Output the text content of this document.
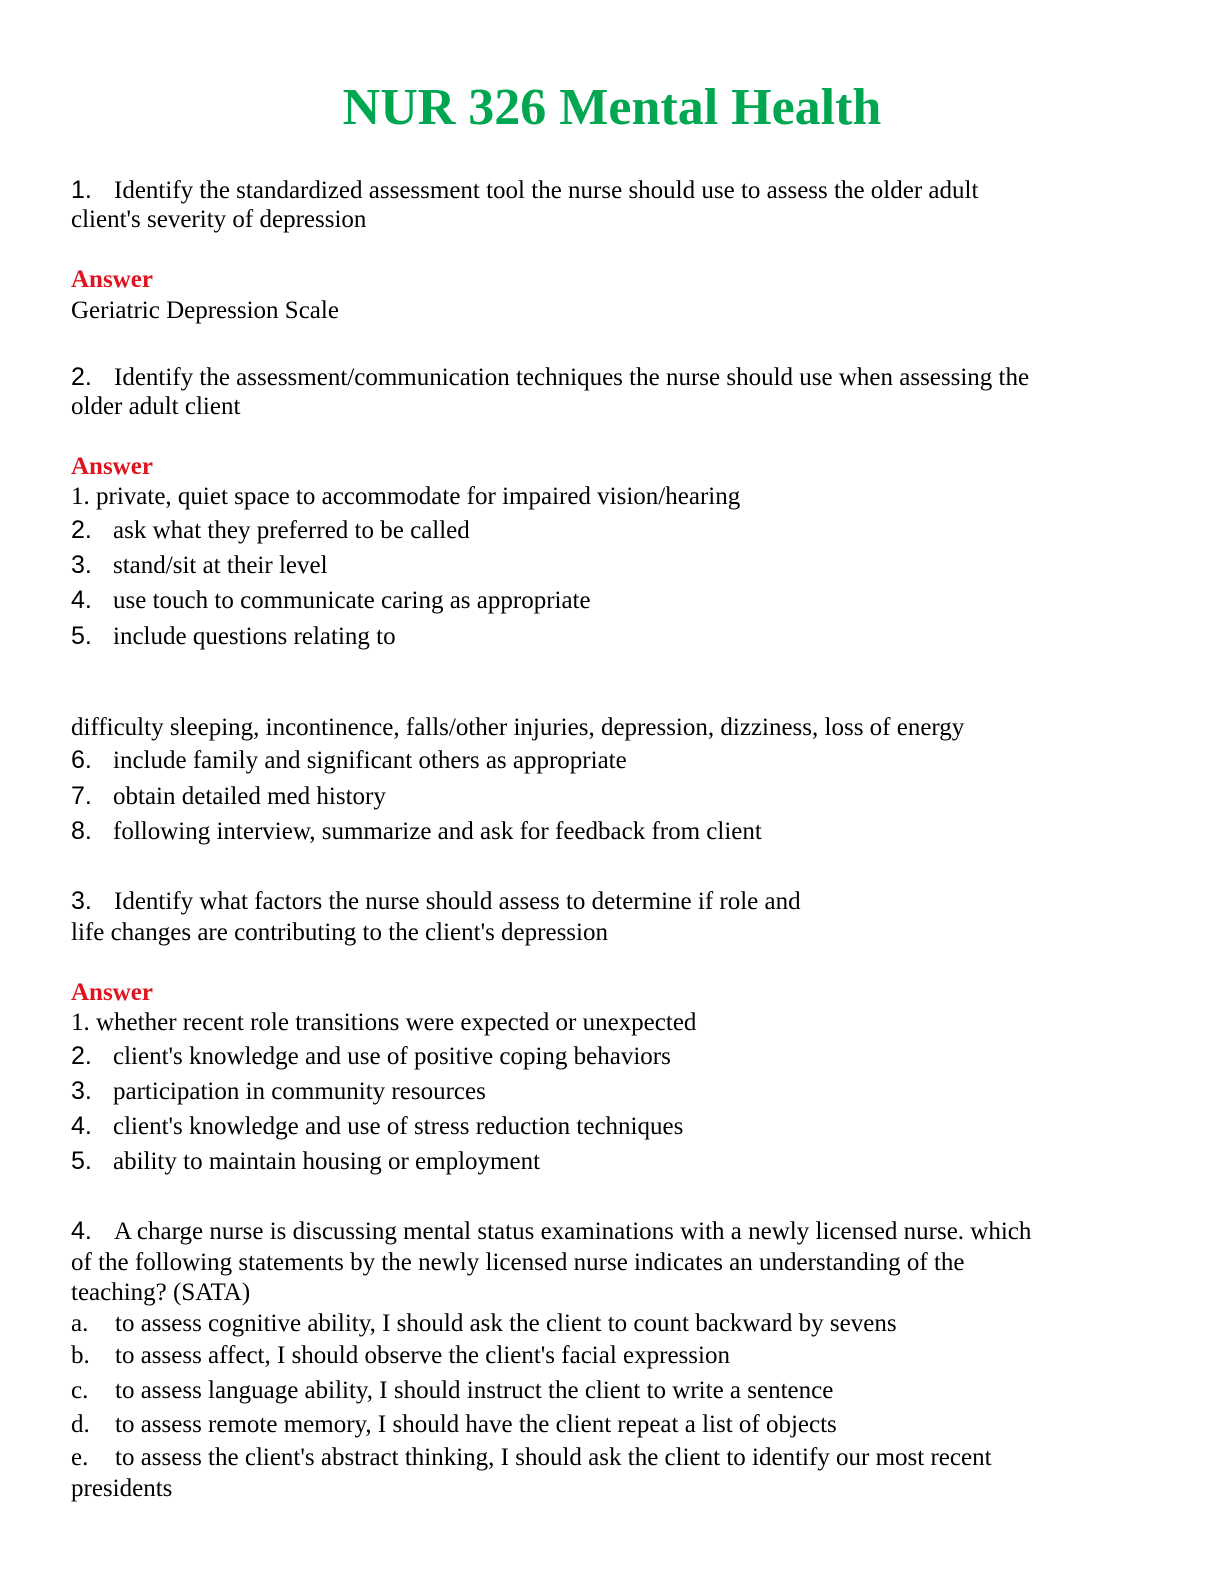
NUR 326 Mental Health
1. Identify the standardized assessment tool the nurse should use to assess the older adult
client's severity of depression
Answer
Geriatric Depression Scale
2. Identify the assessment/communication techniques the nurse should use when assessing the
older adult client
Answer
1. private, quiet space to accommodate for impaired vision/hearing
2. ask what they preferred to be called
3. stand/sit at their level
4. use touch to communicate caring as appropriate
5. include questions relating to
difficulty sleeping, incontinence, falls/other injuries, depression, dizziness, loss of energy
6. include family and significant others as appropriate
7. obtain detailed med history
8. following interview, summarize and ask for feedback from client
3. Identify what factors the nurse should assess to determine if role and
life changes are contributing to the client's depression
Answer
1. whether recent role transitions were expected or unexpected
2. client's knowledge and use of positive coping behaviors
3. participation in community resources
4. client's knowledge and use of stress reduction techniques
5. ability to maintain housing or employment
4. A charge nurse is discussing mental status examinations with a newly licensed nurse. which
of the following statements by the newly licensed nurse indicates an understanding of the
teaching? (SATA)
a. to assess cognitive ability, I should ask the client to count backward by sevens
b. to assess affect, I should observe the client's facial expression
c. to assess language ability, I should instruct the client to write a sentence
d. to assess remote memory, I should have the client repeat a list of objects
e. to assess the client's abstract thinking, I should ask the client to identify our most recent
presidents
